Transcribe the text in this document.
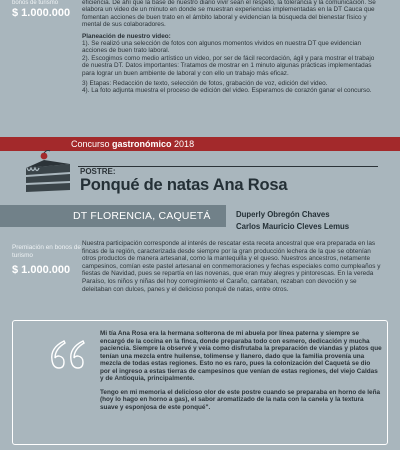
bonos de turismo
$ 1.000.000

eficiencia. De ahí que la base de nuestro diario vivir sean el respeto, la tolerancia y la comunicación. Se elabora un video de un minuto en donde se muestran experiencias implementadas en la DT Cauca que fomentan acciones de buen trato en el ámbito laboral y evidencian la búsqueda del bienestar físico y mental de sus colaboradores.

Planeación de nuestro video:

1). Se realizó una selección de fotos con algunos momentos vividos en nuestra DT que evidencian acciones de buen trato laboral.

2). Escogimos como medio artístico un video, por ser de fácil recordación, ágil y para mostrar el trabajo de nuestra DT. Datos importantes: Tratamos de mostrar en 1 minuto algunas prácticas implementadas para lograr un buen ambiente de laboral y con ello un trabajo más eficaz.

3) Etapas: Redacción de texto, selección de fotos, grabación de voz, edición del video.

4). La foto adjunta muestra el proceso de edición del video. Esperamos de corazón ganar el concurso.

Concurso gastronómico 2018
POSTRE:
Ponqué de natas Ana Rosa
DT FLORENCIA, CAQUETÁ	Duperly Obregón Chaves
Carlos Mauricio Cleves Lemus
Premiación en bonos de turismo
$ 1.000.000
Nuestra participación corresponde al interés de rescatar esta receta ancestral que era preparada en las fincas de la región, caracterizada desde siempre por la gran producción lechera de la que se obtenían otros productos de manera artesanal, como la mantequilla y el queso. Nuestros ancestros, netamente campesinos, comían este pastel artesanal en conmemoraciones y fechas especiales como cumpleaños y fiestas de Navidad, pues se repartía en las novenas, que eran muy alegres y pintorescas. En la vereda Paraíso, los niños y niñas del hoy corregimiento el Caraño, cantaban, rezaban con devoción y se deleitaban con dulces, panes y el delicioso ponqué de natas, entre otros.

Mi tía Ana Rosa era la hermana solterona de mi abuela por línea paterna y siempre se encargó de la cocina en la finca, donde preparaba todo con esmero, dedicación y mucha paciencia. Siempre la observé y veía como disfrutaba la preparación de viandas y platos que tenían una mezcla entre huilense, tolimense y llanero, dado que la familia provenía una mezcla de todas estas regiones. Esto no es raro, pues la colonización del Caquetá se dio por el ingreso a estas tierras de campesinos que venían de estas regiones, del viejo Caldas y de Antioquia, principalmente.

Tengo en mi memoria el delicioso olor de este postre cuando se preparaba en horno de leña (hoy lo hago en horno a gas), el sabor aromatizado de la nata con la canela y la textura suave y esponjosa de este ponqué".
